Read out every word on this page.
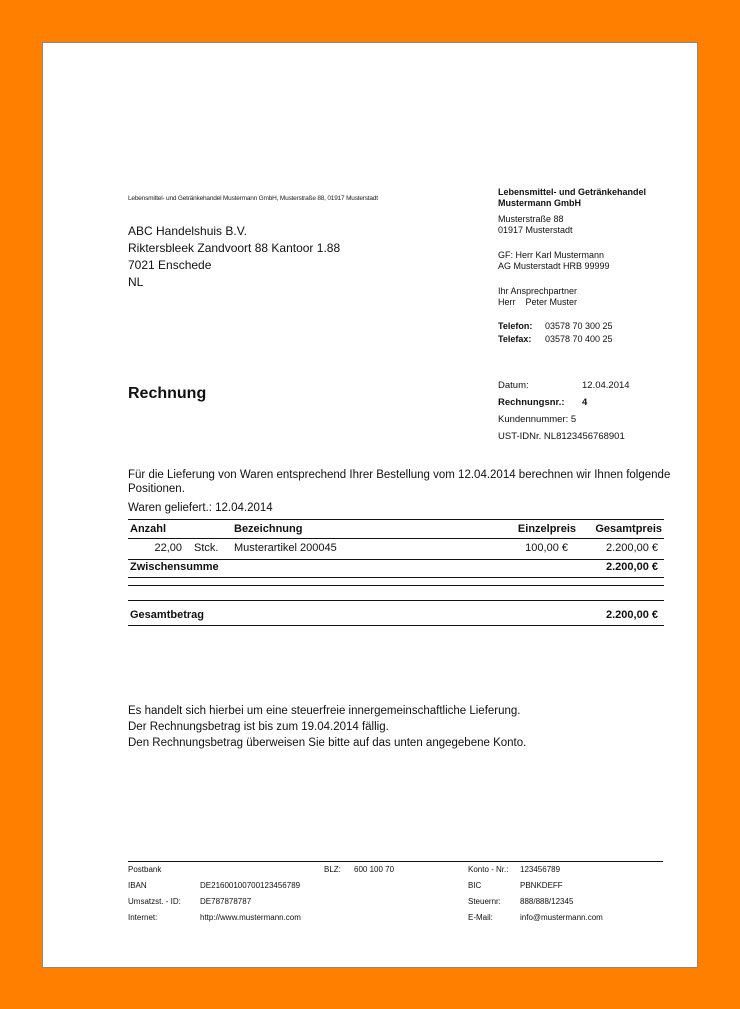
Lebensmittel- und Getränkehandel Mustermann GmbH, Musterstraße 88, 01917 Musterstadt
ABC Handelshuis B.V.
Riktersbleek Zandvoort 88 Kantoor 1.88
7021 Enschede
NL
Lebensmittel- und Getränkehandel
Mustermann GmbH
Musterstraße 88
01917 Musterstadt
GF: Herr Karl Mustermann
AG Musterstadt HRB 99999
Ihr Ansprechpartner
Herr    Peter Muster
Telefon:	03578 70 300 25
Telefax:	03578 70 400 25
Rechnung	Datum:	12.04.2014
Rechnungsnr.:	4
Kundennummer: 5	
UST-IDNr. NL8123456768901	
Für die Lieferung von Waren entsprechend Ihrer Bestellung vom 12.04.2014 berechnen wir Ihnen folgende Positionen.
Waren geliefert.: 12.04.2014
Anzahl		Bezeichnung	Einzelpreis	Gesamtpreis
22,00	Stck.	Musterartikel 200045	100,00 €	2.200,00 €
Zwischensumme	2.200,00 €
Gesamtbetrag	2.200,00 €
Es handelt sich hierbei um eine steuerfreie innergemeinschaftliche Lieferung.
Der Rechnungsbetrag ist bis zum 19.04.2014 fällig.
Den Rechnungsbetrag überweisen Sie bitte auf das unten angegebene Konto.
Postbank	BLZ: 600 100 70	Konto - Nr.: 123456789
IBAN	DE21600100700123456789	BIC	PBNKDEFF
Umsatzst. - ID: DE787878787	Steuernr: 888/888/12345
Internet:	http://www.mustermann.com	E-Mail:	info@mustermann.com
